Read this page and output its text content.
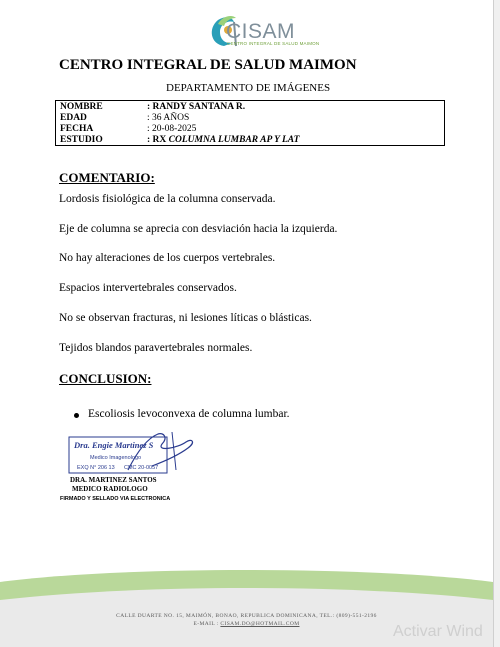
CISAM
CENTRO INTEGRAL DE SALUD MAIMON
CENTRO INTEGRAL DE SALUD MAIMON
DEPARTAMENTO DE IMÁGENES
NOMBRE	: RANDY SANTANA R.
EDAD	: 36 AÑOS
FECHA	: 20-08-2025
ESTUDIO	: RX COLUMNA LUMBAR AP Y LAT
COMENTARIO:
Lordosis fisiológica de la columna conservada.
Eje de columna se aprecia con desviación hacia la izquierda.
No hay alteraciones de los cuerpos vertebrales.
Espacios intervertebrales conservados.
No se observan fracturas, ni lesiones líticas o blásticas.
Tejidos blandos paravertebrales normales.
CONCLUSION:
Escoliosis levoconvexa de columna lumbar.
Dra. Engie Martinez S
Medico Imagenologo
EXQ N° 206 13 CMC 20-0057
DRA. MARTINEZ SANTOS
MEDICO RADIOLOGO
FIRMADO Y SELLADO VIA ELECTRONICA
CALLE DUARTE NO. 15, MAIMÓN, BONAO, REPUBLICA DOMINICANA, TEL.: (809)-551-2196
E-MAIL : CISAM.DO@HOTMAIL.COM	Activar Wind
